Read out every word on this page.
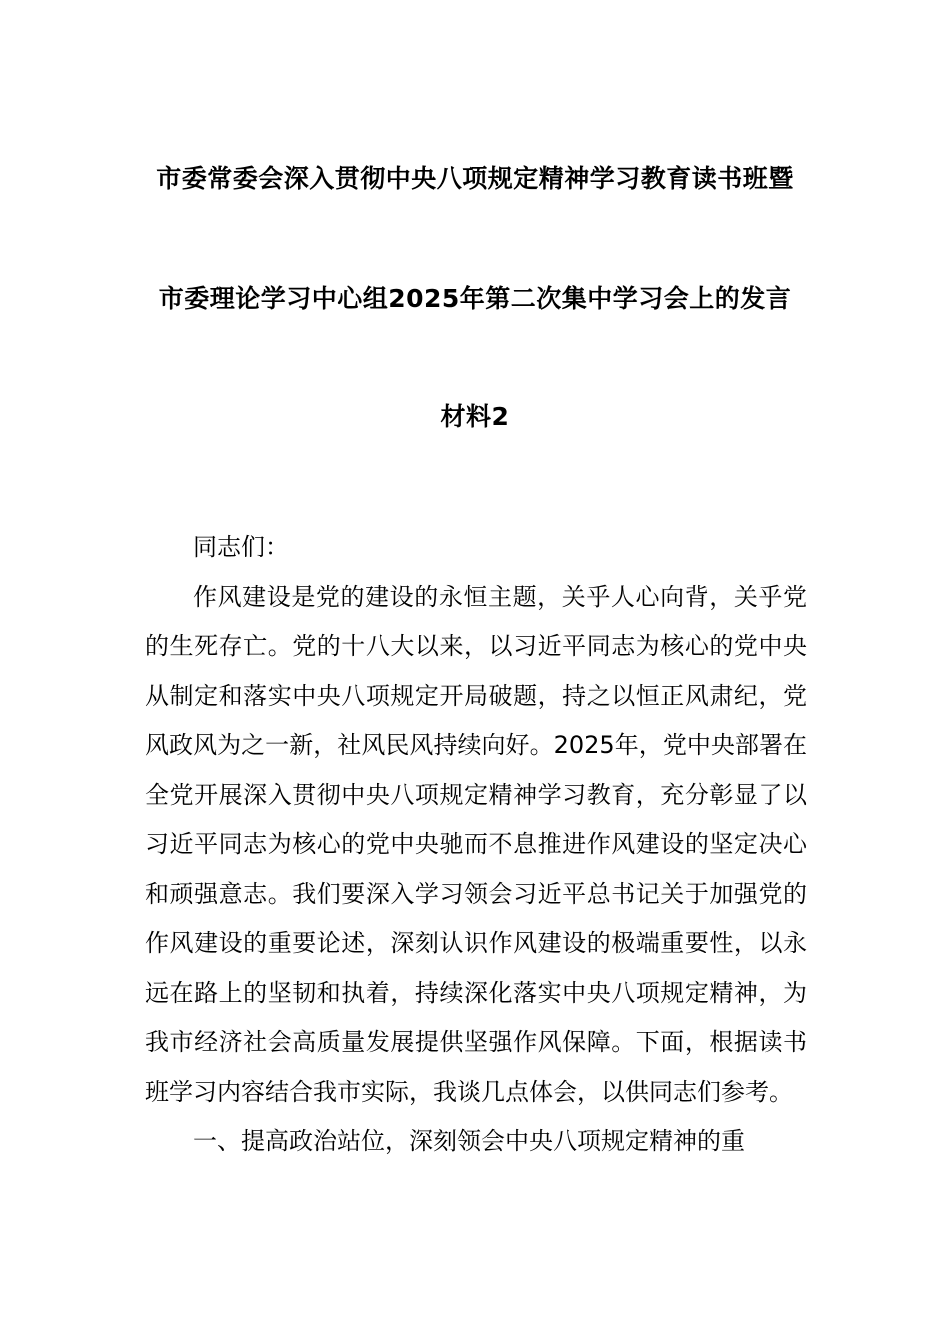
市委常委会深入贯彻中央八项规定精神学习教育读书班暨
市委理论学习中心组2025年第二次集中学习会上的发言
材料2

同志们：

作风建设是党的建设的永恒主题，关乎人心向背，关乎党的生死存亡。党的十八大以来，以习近平同志为核心的党中央从制定和落实中央八项规定开局破题，持之以恒正风肃纪，党风政风为之一新，社风民风持续向好。2025年，党中央部署在全党开展深入贯彻中央八项规定精神学习教育，充分彰显了以习近平同志为核心的党中央驰而不息推进作风建设的坚定决心和顽强意志。我们要深入学习领会习近平总书记关于加强党的作风建设的重要论述，深刻认识作风建设的极端重要性，以永远在路上的坚韧和执着，持续深化落实中央八项规定精神，为我市经济社会高质量发展提供坚强作风保障。下面，根据读书班学习内容结合我市实际，我谈几点体会，以供同志们参考。

一、提高政治站位，深刻领会中央八项规定精神的重
